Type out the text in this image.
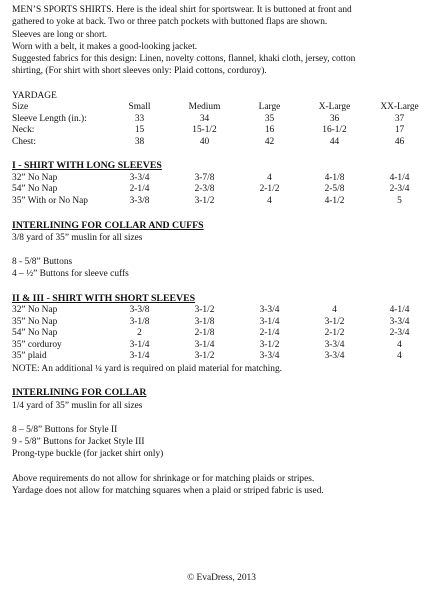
MEN’S SPORTS SHIRTS. Here is the ideal shirt for sportswear. It is buttoned at front and
gathered to yoke at back. Two or three patch pockets with buttoned flaps are shown.
Sleeves are long or short.
Worn with a belt, it makes a good-looking jacket.
Suggested fabrics for this design: Linen, novelty cottons, flannel, khaki cloth, jersey, cotton
shirting, (For shirt with short sleeves only: Plaid cottons, corduroy).
YARDAGE
Size	Small	Medium	Large	X-Large	XX-Large
Sleeve Length (in.):	33	34	35	36	37
Neck:	15	15-1/2	16	16-1/2	17
Chest:	38	40	42	44	46
I - SHIRT WITH LONG SLEEVES
32” No Nap	3-3/4	3-7/8	4	4-1/8	4-1/4
54” No Nap	2-1/4	2-3/8	2-1/2	2-5/8	2-3/4
35” With or No Nap	3-3/8	3-1/2	4	4-1/2	5
INTERLINING FOR COLLAR AND CUFFS
3/8 yard of 35” muslin for all sizes
8 - 5/8” Buttons
4 – ½” Buttons for sleeve cuffs
II & III - SHIRT WITH SHORT SLEEVES
32” No Nap	3-3/8	3-1/2	3-3/4	4	4-1/4
35” No Nap	3-1/8	3-1/8	3-1/4	3-1/2	3-3/4
54” No Nap	2	2-1/8	2-1/4	2-1/2	2-3/4
35” corduroy	3-1/4	3-1/4	3-1/2	3-3/4	4
35” plaid	3-1/4	3-1/2	3-3/4	3-3/4	4
NOTE: An additional ¼ yard is required on plaid material for matching.
INTERLINING FOR COLLAR
1/4 yard of 35” muslin for all sizes
8 – 5/8” Buttons for Style II
9 - 5/8” Buttons for Jacket Style III
Prong-type buckle (for jacket shirt only)
Above requirements do not allow for shrinkage or for matching plaids or stripes.
Yardage does not allow for matching squares when a plaid or striped fabric is used.
© EvaDress, 2013
